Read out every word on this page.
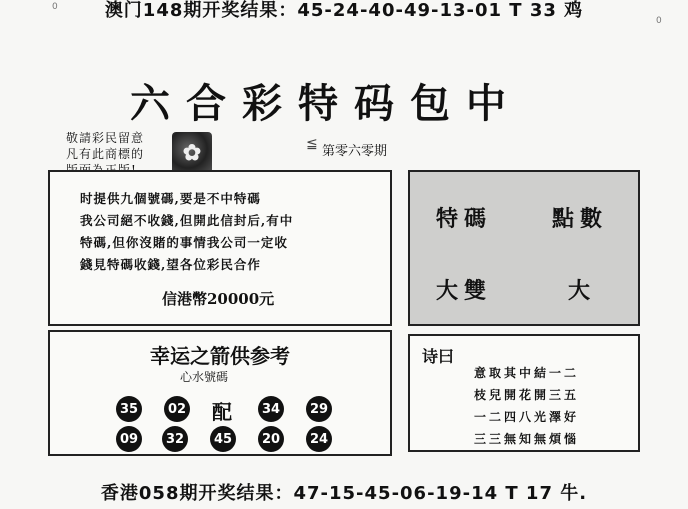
0
0
澳门148期开奖结果：45-24-40-49-13-01 T 33 鸡
六合彩特码包中
敬請彩民留意
凡有此商標的	✿	≦ 第零六零期
时提供九個號碼,要是不中特碼
我公司絕不收錢,但開此信封后,有中
特碼,但你沒賭的事情我公司一定收
錢見特碼收錢,望各位彩民合作
信港幣20000元
特碼	點數
大雙	大
幸运之箭供参考
心水號碼
35	02 配	34	29
09	32	45	20	24
诗曰
意取其中結一二
枝兒開花開三五
一二四八光澤好
三三無知無煩惱
香港058期开奖结果：47-15-45-06-19-14 T 17 牛.
